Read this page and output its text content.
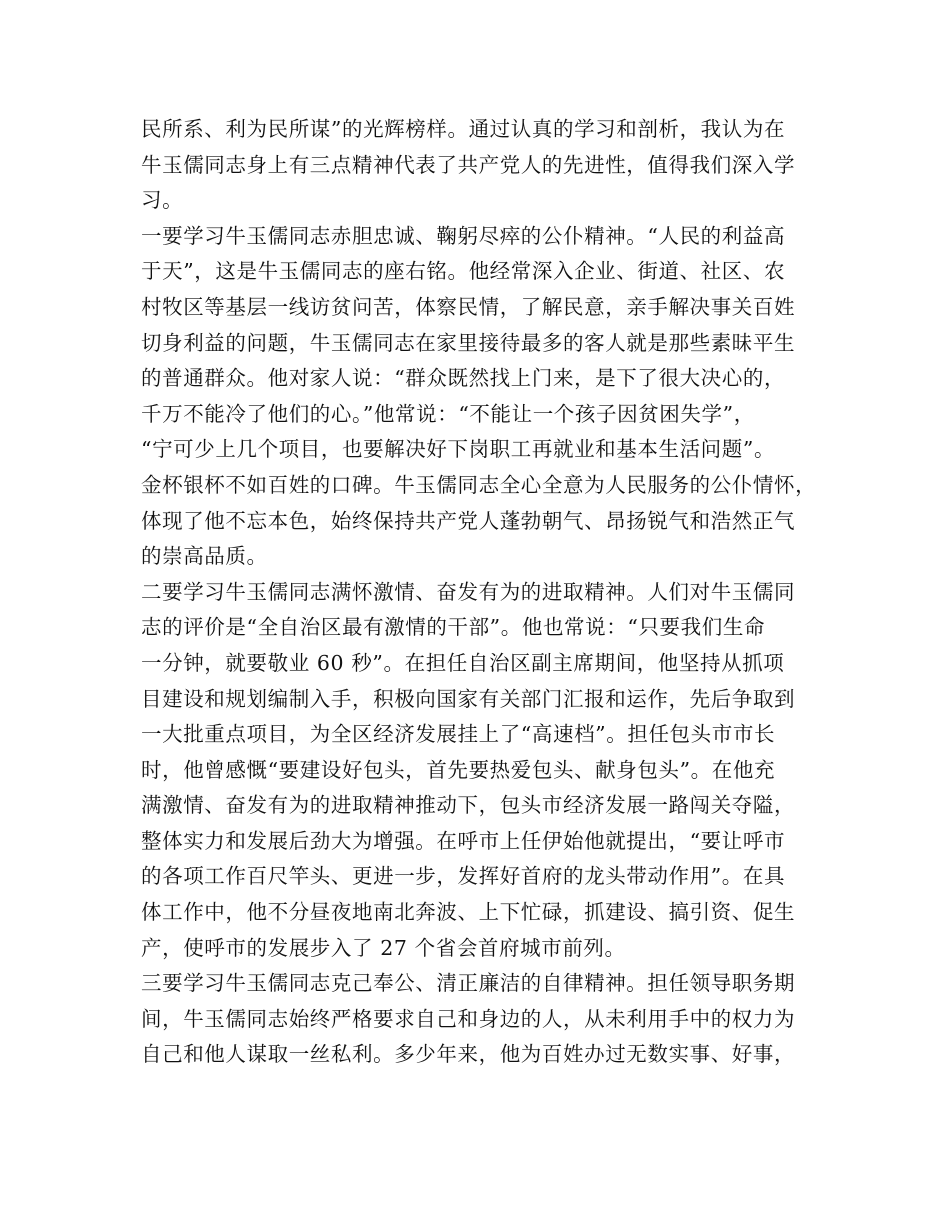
民所系、利为民所谋”的光辉榜样。通过认真的学习和剖析，我认为在
牛玉儒同志身上有三点精神代表了共产党人的先进性，值得我们深入学
习。
一要学习牛玉儒同志赤胆忠诚、鞠躬尽瘁的公仆精神。“人民的利益高
于天”，这是牛玉儒同志的座右铭。他经常深入企业、街道、社区、农
村牧区等基层一线访贫问苦，体察民情，了解民意，亲手解决事关百姓
切身利益的问题，牛玉儒同志在家里接待最多的客人就是那些素昧平生
的普通群众。他对家人说：“群众既然找上门来，是下了很大决心的，
千万不能冷了他们的心。”他常说：“不能让一个孩子因贫困失学”，
“宁可少上几个项目，也要解决好下岗职工再就业和基本生活问题”。
金杯银杯不如百姓的口碑。牛玉儒同志全心全意为人民服务的公仆情怀，
体现了他不忘本色，始终保持共产党人蓬勃朝气、昂扬锐气和浩然正气
的崇高品质。
二要学习牛玉儒同志满怀激情、奋发有为的进取精神。人们对牛玉儒同
志的评价是“全自治区最有激情的干部”。他也常说：“只要我们生命
一分钟，就要敬业 60 秒”。在担任自治区副主席期间，他坚持从抓项
目建设和规划编制入手，积极向国家有关部门汇报和运作，先后争取到
一大批重点项目，为全区经济发展挂上了“高速档”。担任包头市市长
时，他曾感慨“要建设好包头，首先要热爱包头、献身包头”。在他充
满激情、奋发有为的进取精神推动下，包头市经济发展一路闯关夺隘，
整体实力和发展后劲大为增强。在呼市上任伊始他就提出，“要让呼市
的各项工作百尺竿头、更进一步，发挥好首府的龙头带动作用”。在具
体工作中，他不分昼夜地南北奔波、上下忙碌，抓建设、搞引资、促生
产，使呼市的发展步入了 27 个省会首府城市前列。
三要学习牛玉儒同志克己奉公、清正廉洁的自律精神。担任领导职务期
间，牛玉儒同志始终严格要求自己和身边的人，从未利用手中的权力为
自己和他人谋取一丝私利。多少年来，他为百姓办过无数实事、好事，
